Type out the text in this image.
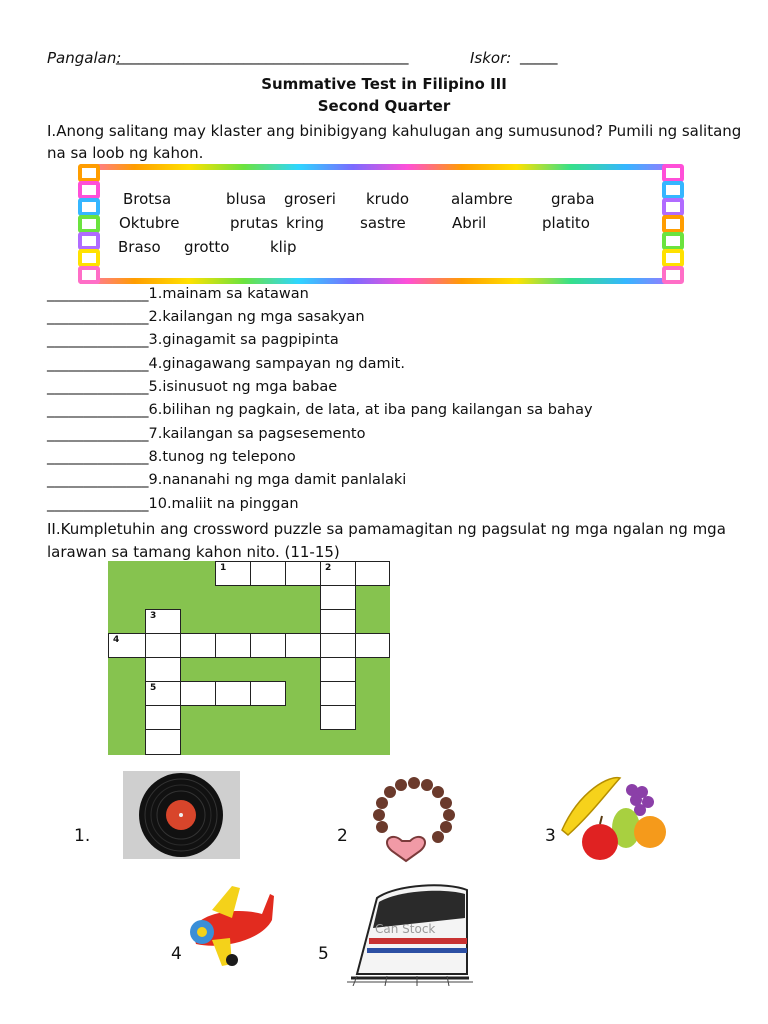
Pangalan:
_______________________________________	Iskor: _____
Summative Test in Filipino III
Second Quarter
I.Anong salitang may klaster ang binibigyang kahulugan ang sumusunod? Pumili ng salitang
na sa loob ng kahon.
Brotsa	blusa groseri krudo	alambre	graba
Oktubre	prutas kring sastre	Abril	platito
Braso grotto	klip
______________1.mainam sa katawan
______________2.kailangan ng mga sasakyan
______________3.ginagamit sa pagpipinta
______________4.ginagawang sampayan ng damit.
______________5.isinusuot ng mga babae
______________6.bilihan ng pagkain, de lata, at iba pang kailangan sa bahay
______________7.kailangan sa pagsesemento
______________8.tunog ng telepono
______________9.nananahi ng mga damit panlalaki
______________10.maliit na pinggan
II.Kumpletuhin ang crossword puzzle sa pamamagitan ng pagsulat ng mga ngalan ng mga
larawan sa tamang kahon nito. (11-15)
1	2
3
4
5
1.	2	3
4	5
Can Stock
